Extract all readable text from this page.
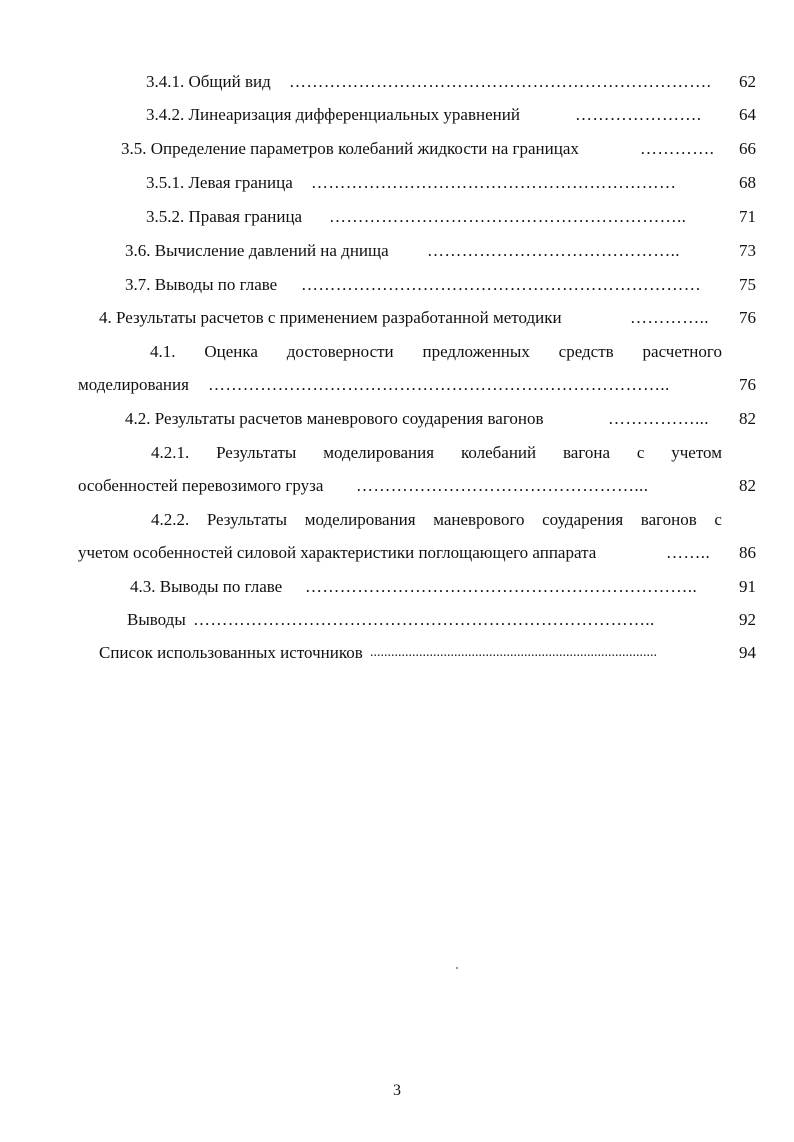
3.4.1. Общий вид ……………………………………………………………….	62
3.4.2. Линеаризация дифференциальных уравнений	………………….	64
3.5. Определение параметров колебаний жидкости на границах	………….	66
3.5.1. Левая граница ………………………………………………………	68
3.5.2. Правая граница ……………………………………………………..	71
3.6. Вычисление давлений на днища ……………………………………..	73
3.7. Выводы по главе ……………………………………………………………	75
4. Результаты расчетов с применением разработанной методики	…………..	76
4.1. Оценка достоверности предложенных средств расчетного
моделирования ……………………………………………………………………..	76
4.2. Результаты расчетов маневрового соударения вагонов	……………...	82
4.2.1. Результаты моделирования колебаний вагона с учетом
особенностей перевозимого груза …………………………………………...	82
4.2.2. Результаты моделирования маневрового соударения вагонов с
учетом особенностей силовой характеристики поглощающего аппарата	……..	86
4.3. Выводы по главе …………………………………………………………..	91
Выводы ……………………………………………………………………..	92
Список использованных источников ..................................................................................	94
3
